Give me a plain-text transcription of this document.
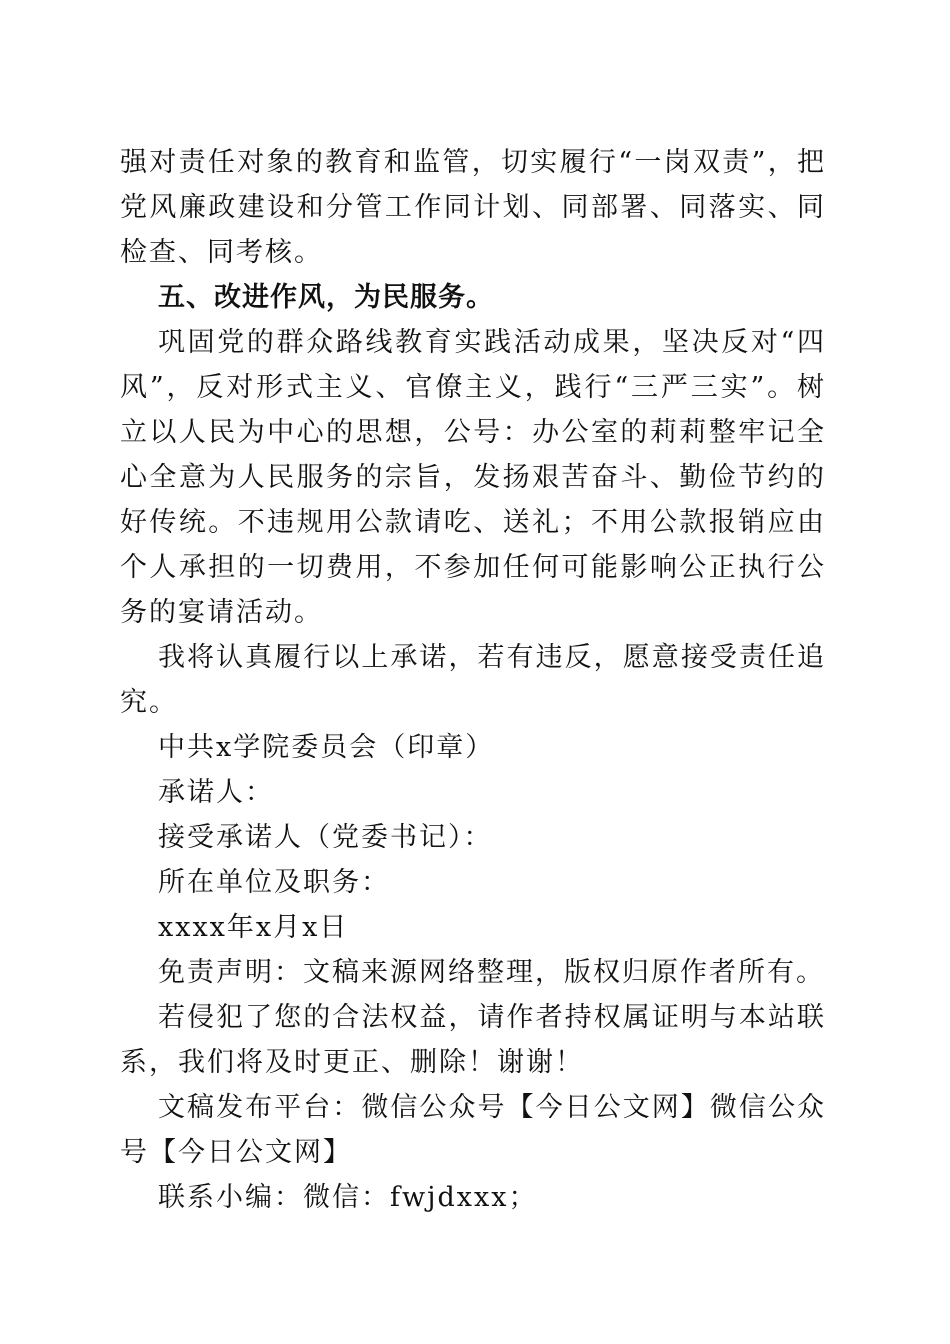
强对责任对象的教育和监管，切实履行“一岗双责”，把党风廉政建设和分管工作同计划、同部署、同落实、同检查、同考核。

五、改进作风，为民服务。

巩固党的群众路线教育实践活动成果，坚决反对“四风”，反对形式主义、官僚主义，践行“三严三实”。树立以人民为中心的思想，公号：办公室的莉莉整牢记全心全意为人民服务的宗旨，发扬艰苦奋斗、勤俭节约的好传统。不违规用公款请吃、送礼；不用公款报销应由个人承担的一切费用，不参加任何可能影响公正执行公务的宴请活动。

我将认真履行以上承诺，若有违反，愿意接受责任追究。

中共x学院委员会（印章）

承诺人：

接受承诺人（党委书记）：

所在单位及职务：

xxxx年x月x日

免责声明：文稿来源网络整理，版权归原作者所有。

若侵犯了您的合法权益，请作者持权属证明与本站联系，我们将及时更正、删除！谢谢！

文稿发布平台：微信公众号【今日公文网】微信公众号【今日公文网】

联系小编：微信：fwjdxxx；
